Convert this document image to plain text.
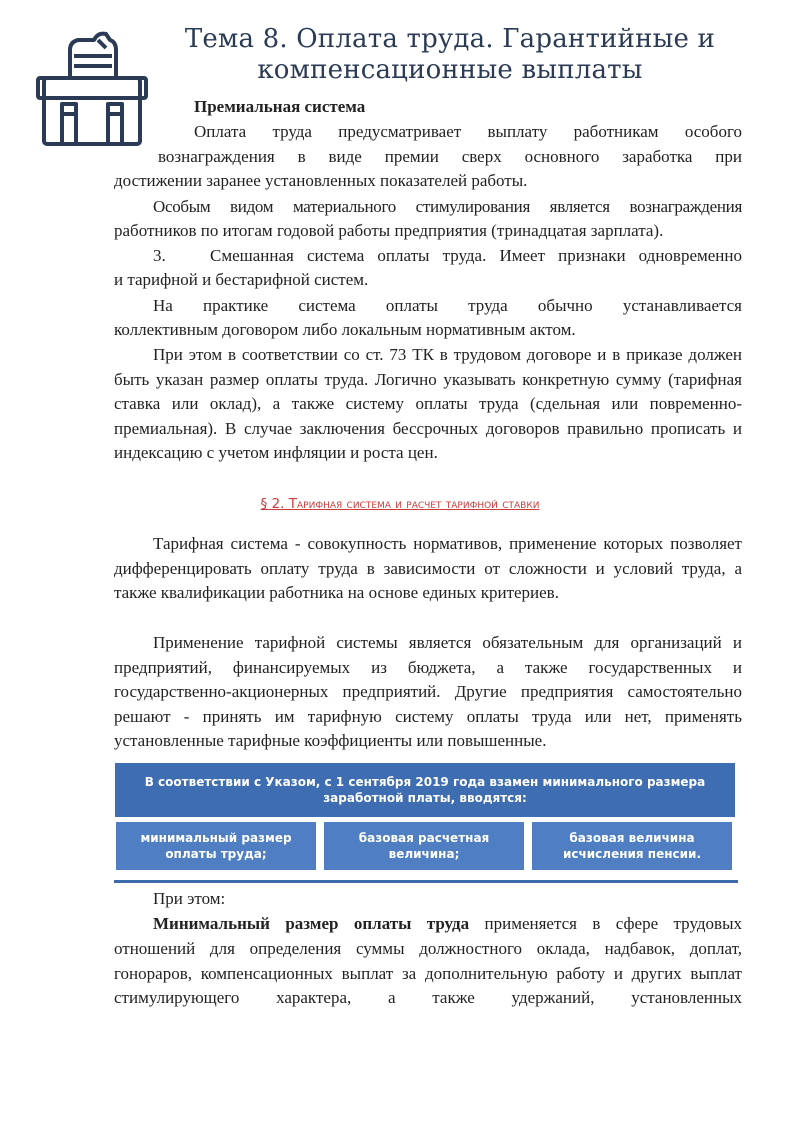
Тема 8. Оплата труда. Гарантийные и
компенсационные выплаты
Премиальная система

Оплата труда предусматривает выплату работникам особого

вознаграждения в виде премии сверх основного заработка при

достижении заранее установленных показателей работы.

Особым видом материального стимулирования является вознаграждения

работников по итогам годовой работы предприятия (тринадцатая зарплата).

3.	Смешанная система оплаты труда. Имеет признаки одновременно

и тарифной и бестарифной систем.

На практике система оплаты труда обычно устанавливается

коллективным договором либо локальным нормативным актом.

При этом в соответствии со ст. 73 ТК в трудовом договоре и в приказе должен быть указан размер оплаты труда. Логично указывать конкретную сумму (тарифная ставка или оклад), а также систему оплаты труда (сдельная или повременно-премиальная). В случае заключения бессрочных договоров правильно прописать и индексацию с учетом инфляции и роста цен.

§ 2. Тарифная система и расчет тарифной ставки

Тарифная система - совокупность нормативов, применение которых позволяет дифференцировать оплату труда в зависимости от сложности и условий труда, а также квалификации работника на основе единых критериев.

Применение тарифной системы является обязательным для организаций и предприятий, финансируемых из бюджета, а также государственных и государственно-акционерных предприятий. Другие предприятия самостоятельно решают - принять им тарифную систему оплаты труда или нет, применять установленные тарифные коэффициенты или повышенные.

В соответствии с Указом, с 1 сентября 2019 года взамен минимального размера заработной платы, вводятся:
минимальный размер оплаты труда;
базовая расчетная величина;
базовая величина исчисления пенсии.

При этом:

Минимальный размер оплаты труда применяется в сфере трудовых

отношений для определения суммы должностного оклада, надбавок, доплат, гонораров, компенсационных выплат за дополнительную работу и других выплат стимулирующего характера, а также удержаний, установленных
